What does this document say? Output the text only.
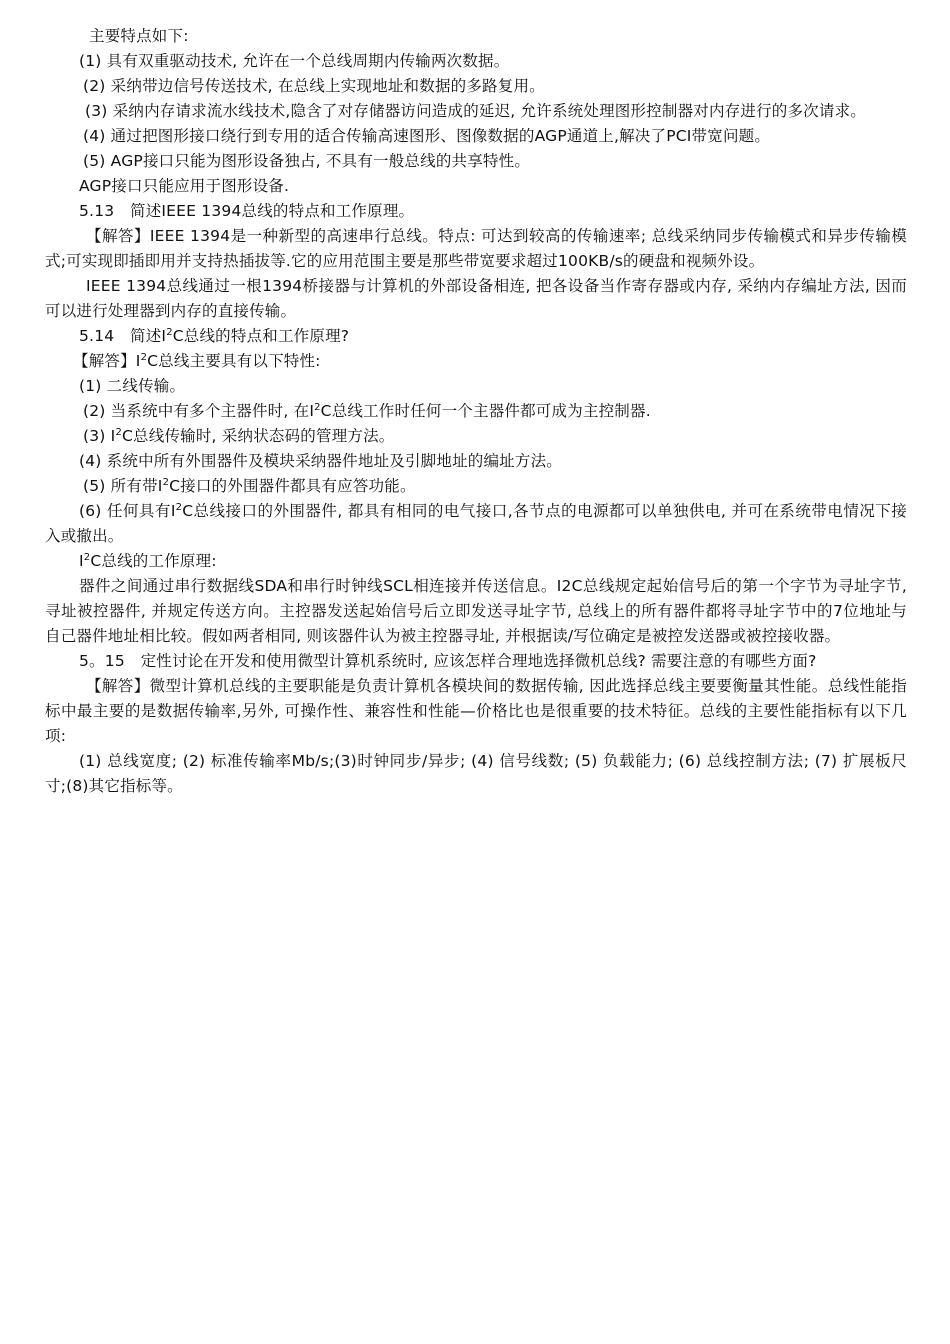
主要特点如下:

(1) 具有双重驱动技术, 允许在一个总线周期内传输两次数据。

(2) 采纳带边信号传送技术, 在总线上实现地址和数据的多路复用。

(3) 采纳内存请求流水线技术,隐含了对存储器访问造成的延迟, 允许系统处理图形控制器对内存进行的多次请求。

(4) 通过把图形接口绕行到专用的适合传输高速图形、图像数据的AGP通道上,解决了PCI带宽问题。

(5) AGP接口只能为图形设备独占, 不具有一般总线的共享特性。

AGP接口只能应用于图形设备.

5.13　简述IEEE 1394总线的特点和工作原理。

【解答】IEEE 1394是一种新型的高速串行总线。特点: 可达到较高的传输速率; 总线采纳同步传输模式和异步传输模式;可实现即插即用并支持热插拔等.它的应用范围主要是那些带宽要求超过100KB/s的硬盘和视频外设。

IEEE 1394总线通过一根1394桥接器与计算机的外部设备相连, 把各设备当作寄存器或内存, 采纳内存编址方法, 因而可以进行处理器到内存的直接传输。

5.14　简述$I^2C$总线的特点和工作原理?

【解答】$I^2C$总线主要具有以下特性:

(1) 二线传输。

(2) 当系统中有多个主器件时, 在$I^2C$总线工作时任何一个主器件都可成为主控制器.

(3) $I^2C$总线传输时, 采纳状态码的管理方法。

(4) 系统中所有外围器件及模块采纳器件地址及引脚地址的编址方法。

(5) 所有带$I^2C$接口的外围器件都具有应答功能。

(6) 任何具有$I^2C$总线接口的外围器件, 都具有相同的电气接口,各节点的电源都可以单独供电, 并可在系统带电情况下接入或撤出。

$I^2C$总线的工作原理:

器件之间通过串行数据线SDA和串行时钟线SCL相连接并传送信息。I2C总线规定起始信号后的第一个字节为寻址字节, 寻址被控器件, 并规定传送方向。主控器发送起始信号后立即发送寻址字节, 总线上的所有器件都将寻址字节中的7位地址与自己器件地址相比较。假如两者相同, 则该器件认为被主控器寻址, 并根据读/写位确定是被控发送器或被控接收器。

5。15　定性讨论在开发和使用微型计算机系统时, 应该怎样合理地选择微机总线? 需要注意的有哪些方面?

【解答】微型计算机总线的主要职能是负责计算机各模块间的数据传输, 因此选择总线主要要衡量其性能。总线性能指标中最主要的是数据传输率,另外, 可操作性、兼容性和性能—价格比也是很重要的技术特征。总线的主要性能指标有以下几项:

(1) 总线宽度; (2) 标准传输率Mb/s;(3)时钟同步/异步; (4) 信号线数; (5) 负载能力; (6) 总线控制方法; (7) 扩展板尺寸;(8)其它指标等。
